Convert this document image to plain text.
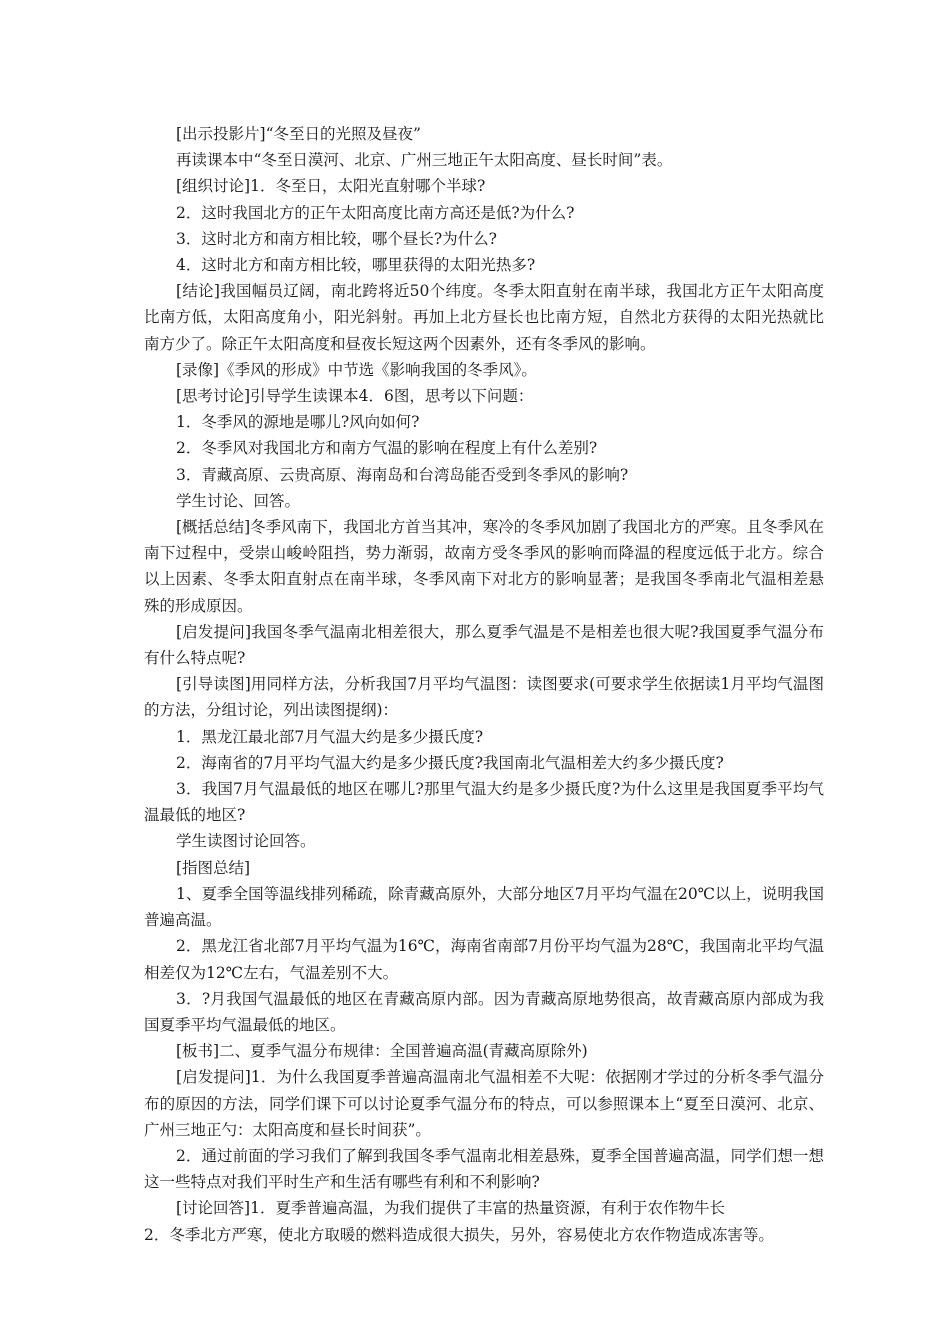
[出示投影片]“冬至日的光照及昼夜”

再读课本中“冬至日漠河、北京、广州三地正午太阳高度、昼长时间”表。

[组织讨论]1．冬至日，太阳光直射哪个半球?

2．这时我国北方的正午太阳高度比南方高还是低?为什么?

3．这时北方和南方相比较，哪个昼长?为什么?

4．这时北方和南方相比较，哪里获得的太阳光热多?

[结论]我国幅员辽阔，南北跨将近50个纬度。冬季太阳直射在南半球，我国北方正午太阳高度比南方低，太阳高度角小，阳光斜射。再加上北方昼长也比南方短，自然北方获得的太阳光热就比南方少了。除正午太阳高度和昼夜长短这两个因素外，还有冬季风的影响。

[录像]《季风的形成》中节选《影响我国的冬季风》。

[思考讨论]引导学生读课本4．6图，思考以下问题：

1．冬季风的源地是哪儿?风向如何?

2．冬季风对我国北方和南方气温的影响在程度上有什么差别?

3．青藏高原、云贵高原、海南岛和台湾岛能否受到冬季风的影响?

学生讨论、回答。

[概括总结]冬季风南下，我国北方首当其冲，寒冷的冬季风加剧了我国北方的严寒。且冬季风在南下过程中，受崇山峻岭阻挡，势力渐弱，故南方受冬季风的影响而降温的程度远低于北方。综合以上因素、冬季太阳直射点在南半球，冬季风南下对北方的影响显著；是我国冬季南北气温相差悬殊的形成原因。

[启发提问]我国冬季气温南北相差很大，那么夏季气温是不是相差也很大呢?我国夏季气温分布有什么特点呢?

[引导读图]用同样方法，分析我国7月平均气温图：读图要求(可要求学生依据读1月平均气温图的方法，分组讨论，列出读图提纲)：

1．黑龙江最北部7月气温大约是多少摄氏度?

2．海南省的7月平均气温大约是多少摄氏度?我国南北气温相差大约多少摄氏度?

3．我国7月气温最低的地区在哪儿?那里气温大约是多少摄氏度?为什么这里是我国夏季平均气温最低的地区?

学生读图讨论回答。

[指图总结]

1、夏季全国等温线排列稀疏，除青藏高原外，大部分地区7月平均气温在20℃以上，说明我国普遍高温。

2．黑龙江省北部7月平均气温为16℃，海南省南部7月份平均气温为28℃，我国南北平均气温相差仅为12℃左右，气温差别不大。

3．?月我国气温最低的地区在青藏高原内部。因为青藏高原地势很高，故青藏高原内部成为我国夏季平均气温最低的地区。

[板书]二、夏季气温分布规律：全国普遍高温(青藏高原除外)

[启发提问]1．为什么我国夏季普遍高温南北气温相差不大呢：依据刚才学过的分析冬季气温分布的原因的方法，同学们课下可以讨论夏季气温分布的特点，可以参照课本上“夏至日漠河、北京、广州三地正勺：太阳高度和昼长时间获”。

2．通过前面的学习我们了解到我国冬季气温南北相差悬殊，夏季全国普遍高温，同学们想一想这一些特点对我们平时生产和生活有哪些有利和不利影响?

[讨论回答]1．夏季普遍高温，为我们提供了丰富的热量资源，有利于农作物牛长

2．冬季北方严寒，使北方取暖的燃料造成很大损失，另外，容易使北方农作物造成冻害等。
